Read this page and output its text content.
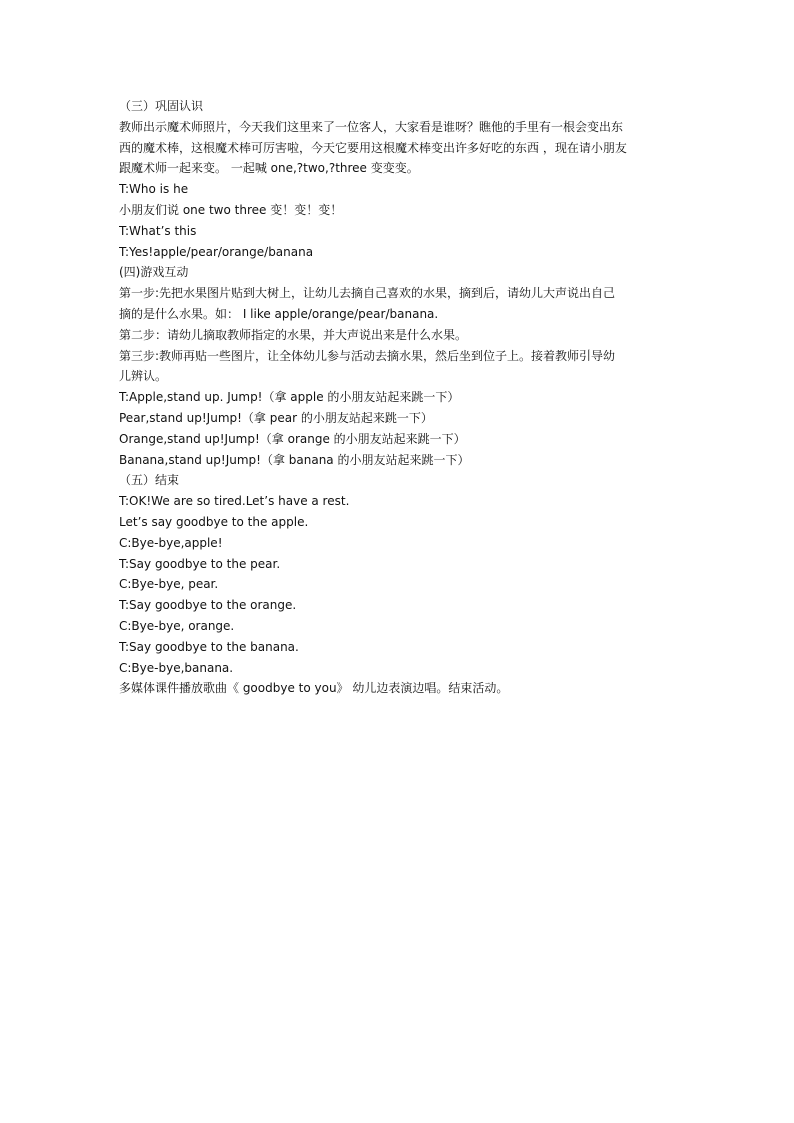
（三）巩固认识
教师出示魔术师照片，今天我们这里来了一位客人，大家看是谁呀？瞧他的手里有一根会变出东
西的魔术棒，这根魔术棒可厉害啦，今天它要用这根魔术棒变出许多好吃的东西 ，现在请小朋友
跟魔术师一起来变。 一起喊 one,?two,?three 变变变。
T:Who is he
小朋友们说 one two three 变！变！变！
T:What’s this
T:Yes!apple/pear/orange/banana
(四)游戏互动
第一步:先把水果图片贴到大树上，让幼儿去摘自己喜欢的水果，摘到后，请幼儿大声说出自己
摘的是什么水果。如： I like apple/orange/pear/banana.
第二步：请幼儿摘取教师指定的水果，并大声说出来是什么水果。
第三步:教师再贴一些图片，让全体幼儿参与活动去摘水果，然后坐到位子上。接着教师引导幼
儿辨认。
T:Apple,stand up. Jump!（拿 apple 的小朋友站起来跳一下）
Pear,stand up!Jump!（拿 pear 的小朋友站起来跳一下）
Orange,stand up!Jump!（拿 orange 的小朋友站起来跳一下）
Banana,stand up!Jump!（拿 banana 的小朋友站起来跳一下）
（五）结束
T:OK!We are so tired.Let’s have a rest.
Let’s say goodbye to the apple.
C:Bye-bye,apple!
T:Say goodbye to the pear.
C:Bye-bye, pear.
T:Say goodbye to the orange.
C:Bye-bye, orange.
T:Say goodbye to the banana.
C:Bye-bye,banana.
多媒体课件播放歌曲《 goodbye to you》 幼儿边表演边唱。结束活动。
